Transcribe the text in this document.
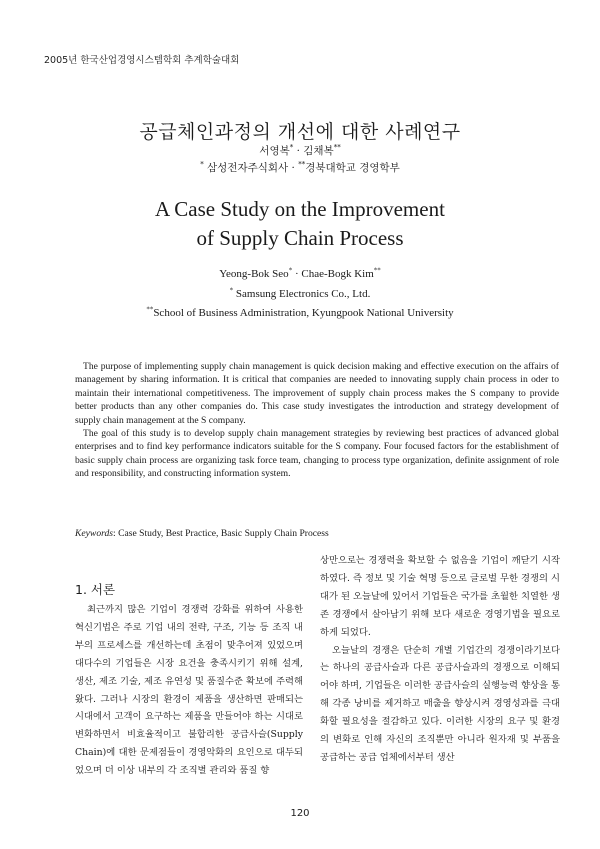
2005년 한국산업경영시스템학회 추계학술대회
공급체인과정의 개선에 대한 사례연구
서영복* · 김채복**
* 삼성전자주식회사 · **경북대학교 경영학부
A Case Study on the Improvement
of Supply Chain Process
Yeong-Bok Seo* · Chae-Bogk Kim**
* Samsung Electronics Co., Ltd.
**School of Business Administration, Kyungpook National University

The purpose of implementing supply chain management is quick decision making and effective execution on the affairs of management by sharing information. It is critical that companies are needed to innovating supply chain process in oder to maintain their international competitiveness. The improvement of supply chain process makes the S company to provide better products than any other companies do. This case study investigates the introduction and strategy development of supply chain management at the S company.

The goal of this study is to develop supply chain management strategies by reviewing best practices of advanced global enterprises and to find key performance indicators suitable for the S company. Four focused factors for the establishment of basic supply chain process are organizing task force team, changing to process type organization, definite assignment of role and responsibility, and constructing information system.

Keywords: Case Study, Best Practice, Basic Supply Chain Process
1. 서론

최근까지 많은 기업이 경쟁력 강화를 위하여 사용한 혁신기법은 주로 기업 내의 전략, 구조, 기능 등 조직 내부의 프로세스를 개선하는데 초점이 맞추어져 있었으며 대다수의 기업들은 시장 요건을 충족시키기 위해 설계, 생산, 제조 기술, 제조 유연성 및 품질수준 확보에 주력해 왔다. 그러나 시장의 환경이 제품을 생산하면 판매되는 시대에서 고객이 요구하는 제품을 만들어야 하는 시대로 변화하면서 비효율적이고 불합리한 공급사슬(Supply Chain)에 대한 문제점들이 경영악화의 요인으로 대두되었으며 더 이상 내부의 각 조직별 관리와 품질 향

상만으로는 경쟁력을 확보할 수 없음을 기업이 깨닫기 시작하였다. 즉 정보 및 기술 혁명 등으로 글로벌 무한 경쟁의 시대가 된 오늘날에 있어서 기업들은 국가를 초월한 치열한 생존 경쟁에서 살아남기 위해 보다 새로운 경영기법을 필요로 하게 되었다.

오늘날의 경쟁은 단순히 개별 기업간의 경쟁이라기보다는 하나의 공급사슬과 다른 공급사슬과의 경쟁으로 이해되어야 하며, 기업들은 이러한 공급사슬의 실행능력 향상을 통해 각종 낭비를 제거하고 매출을 향상시켜 경영성과를 극대화할 필요성을 절감하고 있다. 이러한 시장의 요구 및 환경의 변화로 인해 자신의 조직뿐만 아니라 원자재 및 부품을 공급하는 공급 업체에서부터 생산

120
